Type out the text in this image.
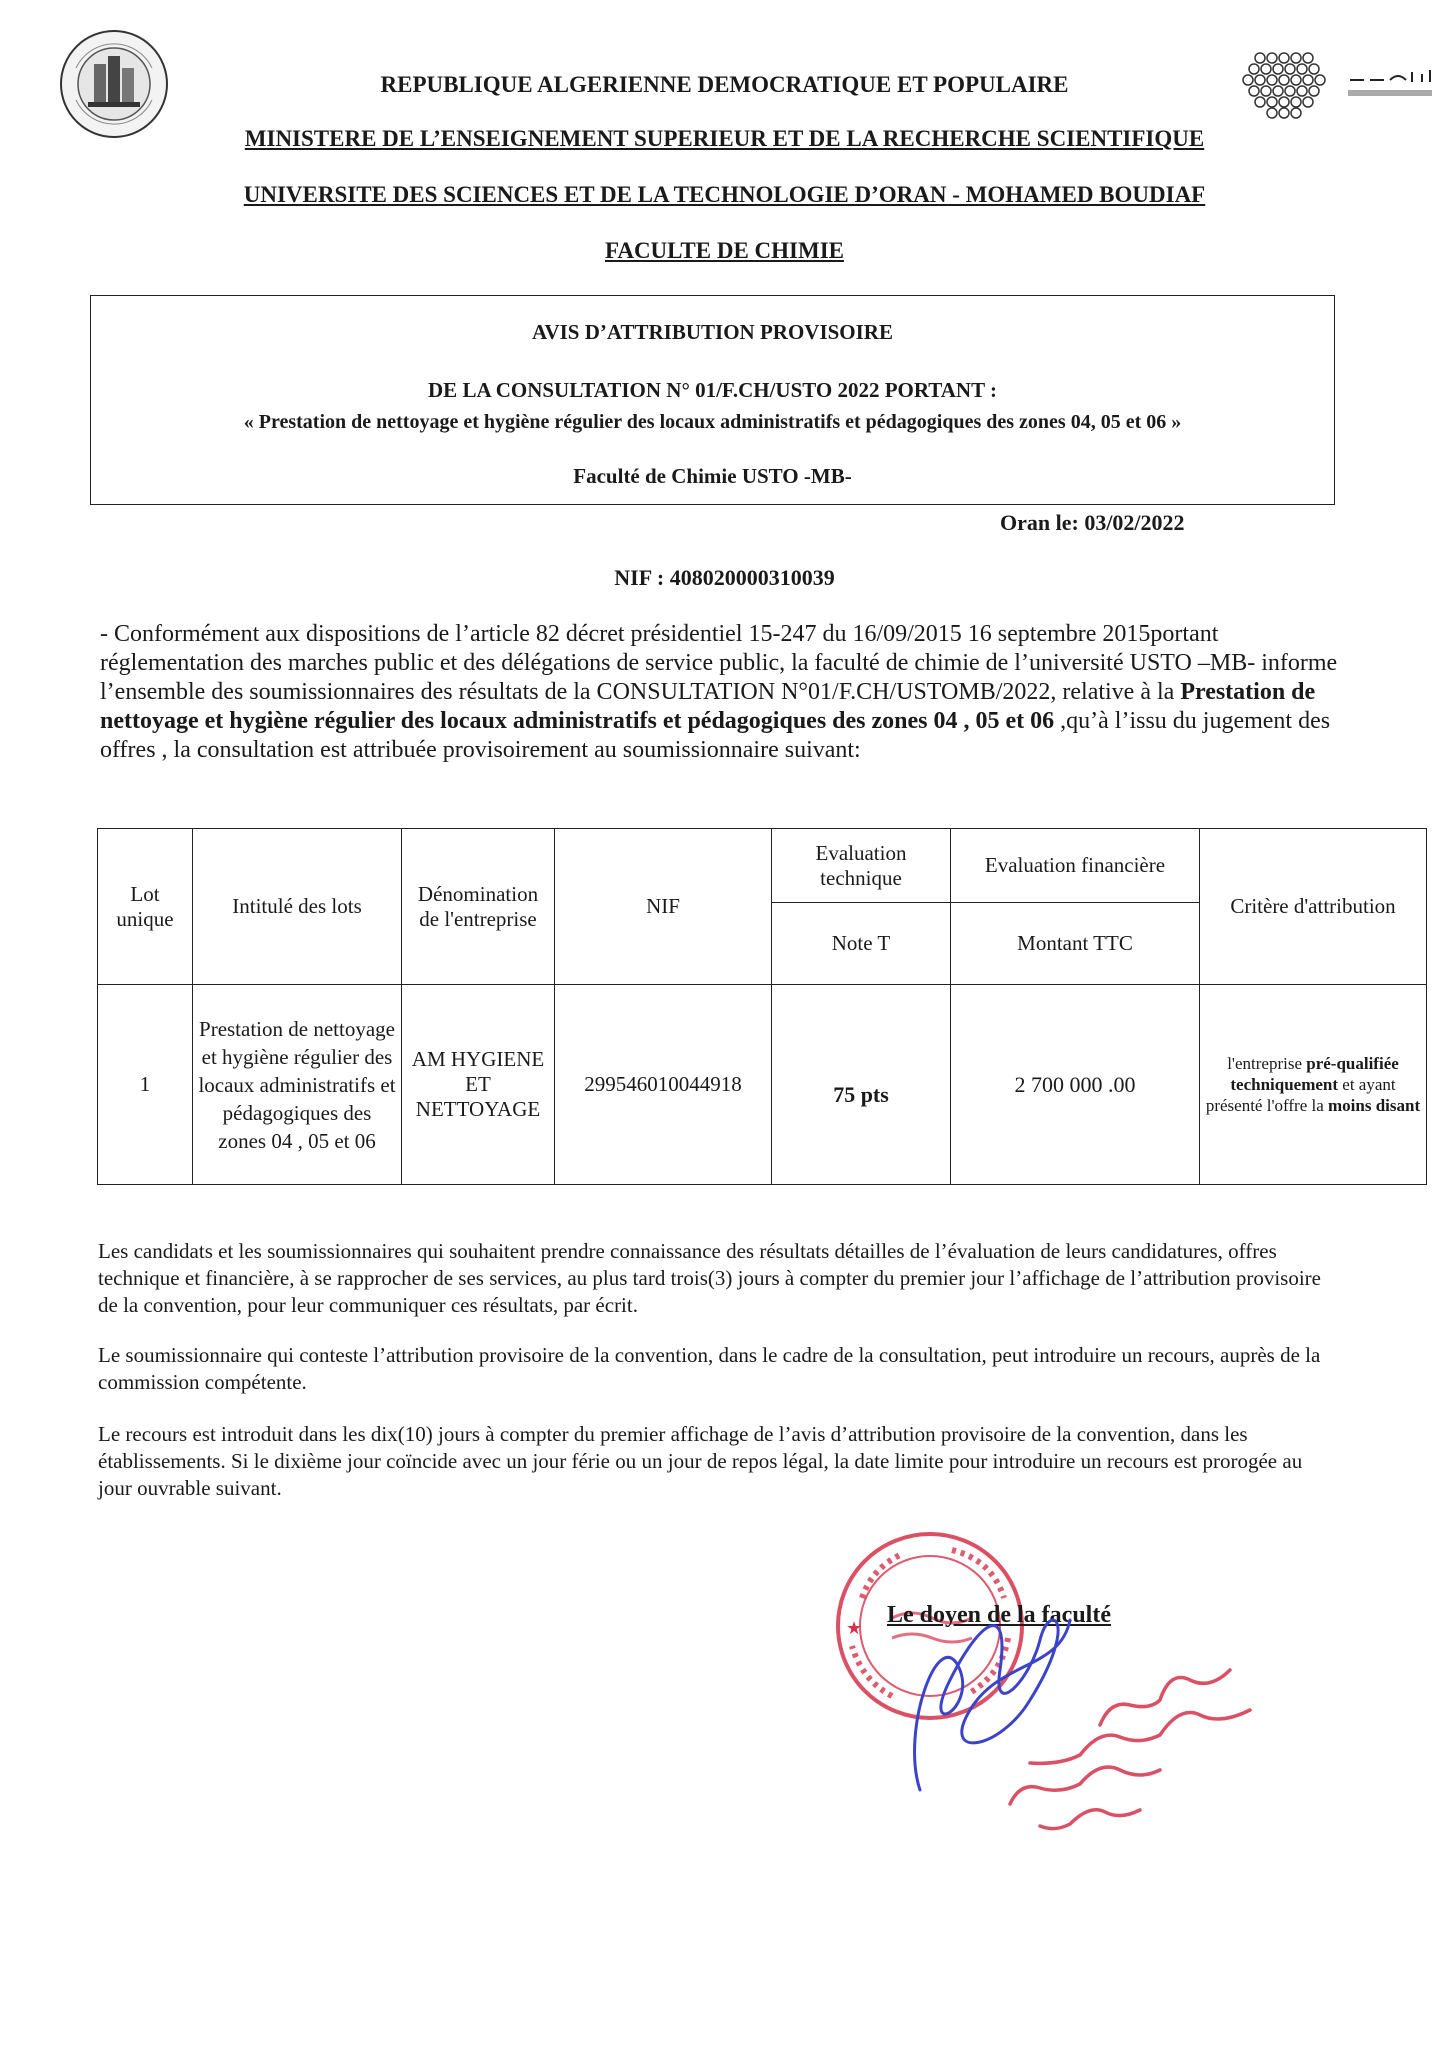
REPUBLIQUE ALGERIENNE DEMOCRATIQUE ET POPULAIRE
MINISTERE DE L’ENSEIGNEMENT SUPERIEUR ET DE LA RECHERCHE SCIENTIFIQUE
UNIVERSITE DES SCIENCES ET DE LA TECHNOLOGIE D’ORAN - MOHAMED BOUDIAF
FACULTE DE CHIMIE
AVIS D’ATTRIBUTION PROVISOIRE
DE LA CONSULTATION N° 01/F.CH/USTO 2022 PORTANT :
« Prestation de nettoyage et hygiène régulier des locaux administratifs et pédagogiques des zones 04, 05 et 06 »
Faculté de Chimie USTO -MB-
Oran le: 03/02/2022
NIF : 408020000310039
- Conformément aux dispositions de l’article 82 décret présidentiel 15-247 du 16/09/2015 16 septembre 2015portant réglementation des marches public et des délégations de service public, la faculté de chimie de l’université USTO –MB- informe l’ensemble des soumissionnaires des résultats de la CONSULTATION N°01/F.CH/USTOMB/2022, relative à la Prestation de nettoyage et hygiène régulier des locaux administratifs et pédagogiques des zones 04 , 05 et 06 ,qu’à l’issu du jugement des offres , la consultation est attribuée provisoirement au soumissionnaire suivant:
Lot unique	Intitulé des lots	Dénomination de l'entreprise	NIF	Evaluation technique	Evaluation financière	Critère d'attribution
				Note T	Montant TTC	
1	Prestation de nettoyage et hygiène régulier des locaux administratifs et pédagogiques des zones 04 , 05 et 06	AM HYGIENE ET NETTOYAGE	299546010044918	75 pts	2 700 000 .00	l'entreprise pré-qualifiée techniquement et ayant présenté l'offre la moins disant
Les candidats et les soumissionnaires qui souhaitent prendre connaissance des résultats détailles de l’évaluation de leurs candidatures, offres technique et financière, à se rapprocher de ses services, au plus tard trois(3) jours à compter du premier jour l’affichage de l’attribution provisoire de la convention, pour leur communiquer ces résultats, par écrit.
Le soumissionnaire qui conteste l’attribution provisoire de la convention, dans le cadre de la consultation, peut introduire un recours, auprès de la commission compétente.
Le recours est introduit dans les dix(10) jours à compter du premier affichage de l’avis d’attribution provisoire de la convention, dans les établissements. Si le dixième jour coïncide avec un jour férie ou un jour de repos légal, la date limite pour introduire un recours est prorogée au jour ouvrable suivant.
★
Le doyen de la faculté
